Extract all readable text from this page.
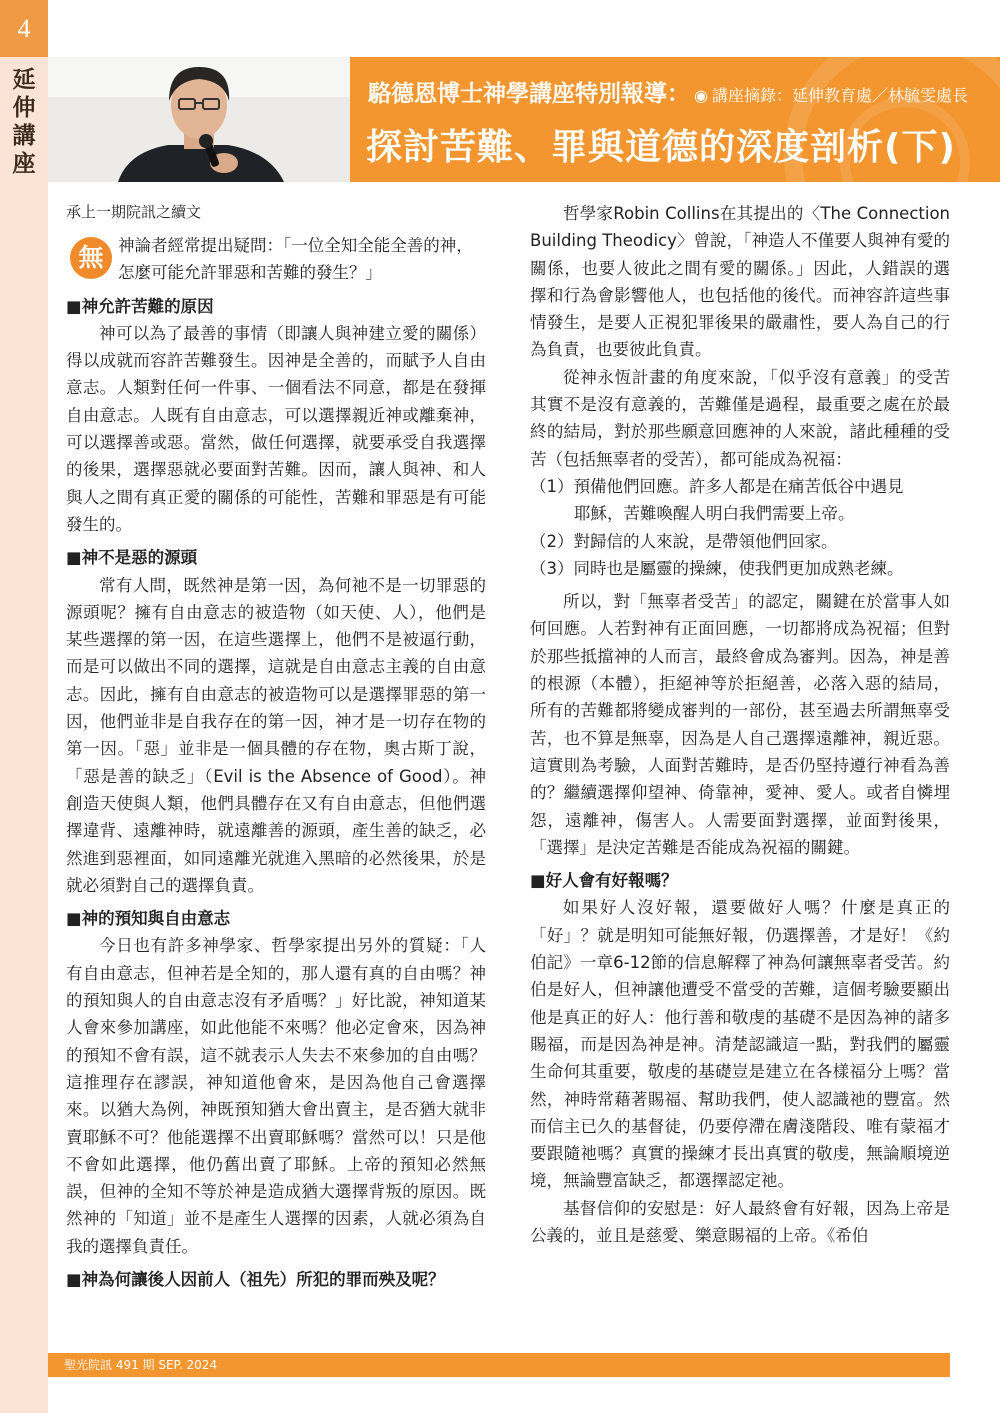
4
延
伸
講
座
駱德恩博士神學講座特別報導： ◉ 講座摘錄：延伸教育處／林毓雯處長
探討苦難、罪與道德的深度剖析(下)

承上一期院訊之續文

無 神論者經常提出疑問：「一位全知全能全善的神，怎麼可能允許罪惡和苦難的發生？」

■神允許苦難的原因

神可以為了最善的事情（即讓人與神建立愛的關係）得以成就而容許苦難發生。因神是全善的，而賦予人自由意志。人類對任何一件事、一個看法不同意，都是在發揮自由意志。人既有自由意志，可以選擇親近神或離棄神，可以選擇善或惡。當然，做任何選擇，就要承受自我選擇的後果，選擇惡就必要面對苦難。因而，讓人與神、和人與人之間有真正愛的關係的可能性，苦難和罪惡是有可能發生的。

■神不是惡的源頭

常有人問，既然神是第一因，為何祂不是一切罪惡的源頭呢？擁有自由意志的被造物（如天使、人），他們是某些選擇的第一因，在這些選擇上，他們不是被逼行動，而是可以做出不同的選擇，這就是自由意志主義的自由意志。因此，擁有自由意志的被造物可以是選擇罪惡的第一因，他們並非是自我存在的第一因，神才是一切存在物的第一因。「惡」並非是一個具體的存在物，奧古斯丁說，「惡是善的缺乏」（Evil is the Absence of Good）。神創造天使與人類，他們具體存在又有自由意志，但他們選擇違背、遠離神時，就遠離善的源頭，產生善的缺乏，必然進到惡裡面，如同遠離光就進入黑暗的必然後果，於是就必須對自己的選擇負責。

■神的預知與自由意志

今日也有許多神學家、哲學家提出另外的質疑：「人有自由意志，但神若是全知的，那人還有真的自由嗎？神的預知與人的自由意志沒有矛盾嗎？」好比說，神知道某人會來參加講座，如此他能不來嗎？他必定會來，因為神的預知不會有誤，這不就表示人失去不來參加的自由嗎？這推理存在謬誤，神知道他會來，是因為他自己會選擇來。以猶大為例，神既預知猶大會出賣主，是否猶大就非賣耶穌不可？他能選擇不出賣耶穌嗎？當然可以！只是他不會如此選擇，他仍舊出賣了耶穌。上帝的預知必然無誤，但神的全知不等於神是造成猶大選擇背叛的原因。既然神的「知道」並不是產生人選擇的因素，人就必須為自我的選擇負責任。

■神為何讓後人因前人（祖先）所犯的罪而殃及呢？

哲學家Robin Collins在其提出的〈The Connection Building Theodicy〉曾說，「神造人不僅要人與神有愛的關係，也要人彼此之間有愛的關係。」因此，人錯誤的選擇和行為會影響他人，也包括他的後代。而神容許這些事情發生，是要人正視犯罪後果的嚴肅性，要人為自己的行為負責，也要彼此負責。

從神永恆計畫的角度來說，「似乎沒有意義」的受苦其實不是沒有意義的，苦難僅是過程，最重要之處在於最終的結局，對於那些願意回應神的人來說，諸此種種的受苦（包括無辜者的受苦），都可能成為祝福：

（1）預備他們回應。許多人都是在痛苦低谷中遇見

耶穌，苦難喚醒人明白我們需要上帝。

（2）對歸信的人來說，是帶領他們回家。

（3）同時也是屬靈的操練，使我們更加成熟老練。

所以，對「無辜者受苦」的認定，關鍵在於當事人如何回應。人若對神有正面回應，一切都將成為祝福；但對於那些抵擋神的人而言，最終會成為審判。因為，神是善的根源（本體），拒絕神等於拒絕善，必落入惡的結局，所有的苦難都將變成審判的一部份，甚至過去所謂無辜受苦，也不算是無辜，因為是人自己選擇遠離神，親近惡。這實則為考驗，人面對苦難時，是否仍堅持遵行神看為善的？繼續選擇仰望神、倚靠神，愛神、愛人。或者自憐埋怨，遠離神，傷害人。人需要面對選擇，並面對後果，「選擇」是決定苦難是否能成為祝福的關鍵。

■好人會有好報嗎？

如果好人沒好報，還要做好人嗎？什麼是真正的「好」？就是明知可能無好報，仍選擇善，才是好！《約伯記》一章6-12節的信息解釋了神為何讓無辜者受苦。約伯是好人，但神讓他遭受不當受的苦難，這個考驗要顯出他是真正的好人：他行善和敬虔的基礎不是因為神的諸多賜福，而是因為神是神。清楚認識這一點，對我們的屬靈生命何其重要，敬虔的基礎豈是建立在各樣福分上嗎？當然，神時常藉著賜福、幫助我們，使人認識祂的豐富。然而信主已久的基督徒，仍要停滯在膚淺階段、唯有蒙福才要跟隨祂嗎？真實的操練才長出真實的敬虔，無論順境逆境，無論豐富缺乏，都選擇認定祂。

基督信仰的安慰是：好人最終會有好報，因為上帝是公義的，並且是慈愛、樂意賜福的上帝。《希伯

聖光院訊 491 期 SEP. 2024
